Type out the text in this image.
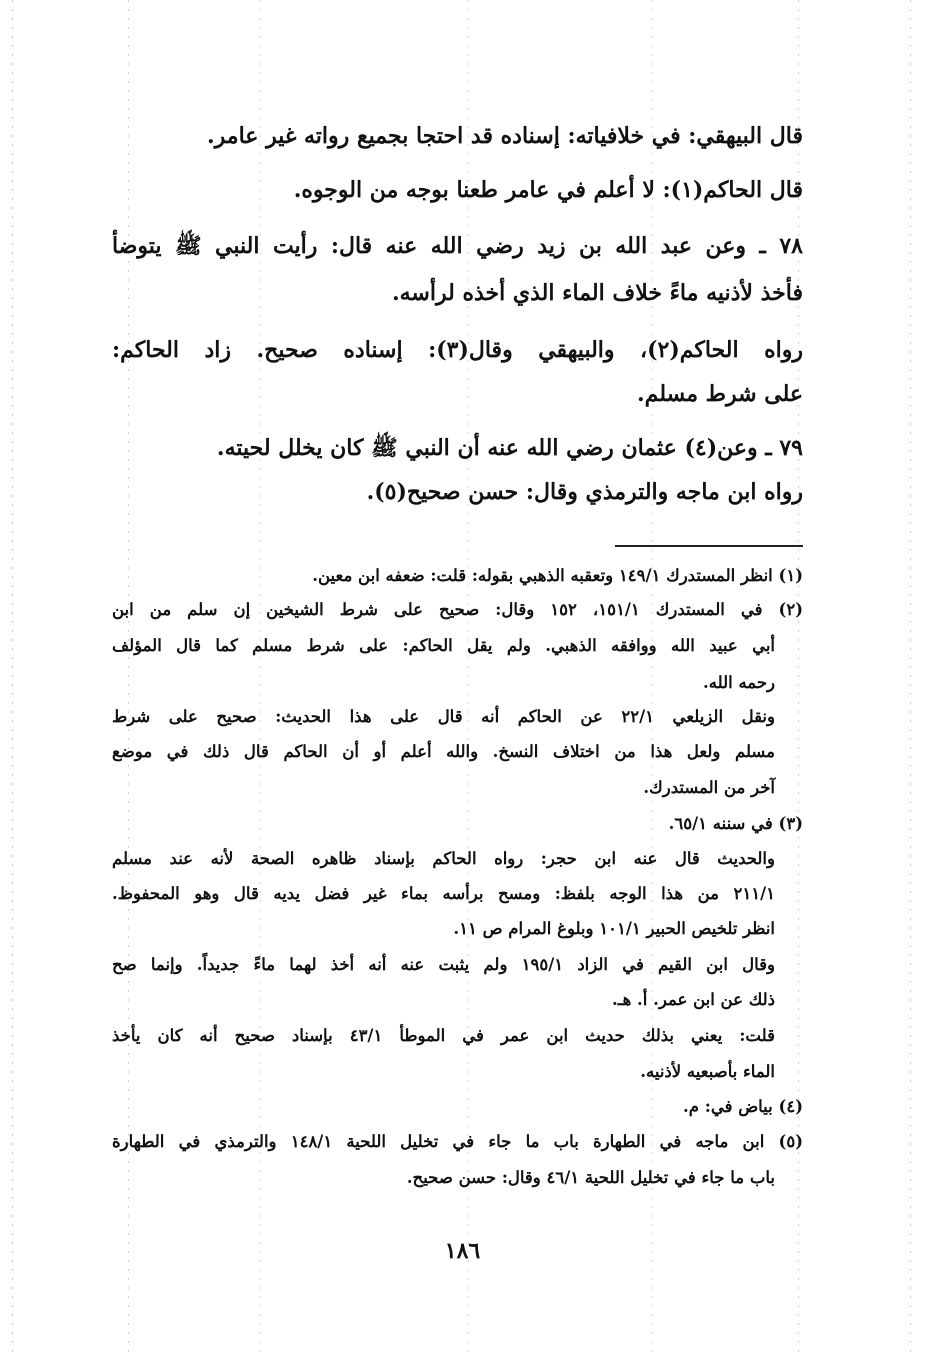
قال البيهقي: في خلافياته: إسناده قد احتجا بجميع رواته غير عامر.
قال الحاكم(١): لا أعلم في عامر طعنا بوجه من الوجوه.
٧٨ ـ وعن عبد الله بن زيد رضي الله عنه قال: رأيت النبي ﷺ يتوضأ
فأخذ لأذنيه ماءً خلاف الماء الذي أخذه لرأسه.
رواه الحاكم(٢)، والبيهقي وقال(٣): إسناده صحيح. زاد الحاكم:
على شرط مسلم.
٧٩ ـ وعن(٤) عثمان رضي الله عنه أن النبي ﷺ كان يخلل لحيته.
رواه ابن ماجه والترمذي وقال: حسن صحيح(٥).
(١) انظر المستدرك ١٤٩/١ وتعقبه الذهبي بقوله: قلت: ضعفه ابن معين.
(٢) في المستدرك ١٥١/١، ١٥٢ وقال: صحيح على شرط الشيخين إن سلم من ابن
أبي عبيد الله ووافقه الذهبي. ولم يقل الحاكم: على شرط مسلم كما قال المؤلف
رحمه الله.
ونقل الزيلعي ٢٢/١ عن الحاكم أنه قال على هذا الحديث: صحيح على شرط
مسلم ولعل هذا من اختلاف النسخ. والله أعلم أو أن الحاكم قال ذلك في موضع
آخر من المستدرك.
(٣) في سننه ٦٥/١.
والحديث قال عنه ابن حجر: رواه الحاكم بإسناد ظاهره الصحة لأنه عند مسلم
٢١١/١ من هذا الوجه بلفظ: ومسح برأسه بماء غير فضل يديه قال وهو المحفوظ.
انظر تلخيص الحبير ١٠١/١ وبلوغ المرام ص ١١.
وقال ابن القيم في الزاد ١٩٥/١ ولم يثبت عنه أنه أخذ لهما ماءً جديداً. وإنما صح
ذلك عن ابن عمر. أ. هـ.
قلت: يعني بذلك حديث ابن عمر في الموطأ ٤٣/١ بإسناد صحيح أنه كان يأخذ
الماء بأصبعيه لأذنيه.
(٤) بياض في: م.
(٥) ابن ماجه في الطهارة باب ما جاء في تخليل اللحية ١٤٨/١ والترمذي في الطهارة
باب ما جاء في تخليل اللحية ٤٦/١ وقال: حسن صحيح.
١٨٦
